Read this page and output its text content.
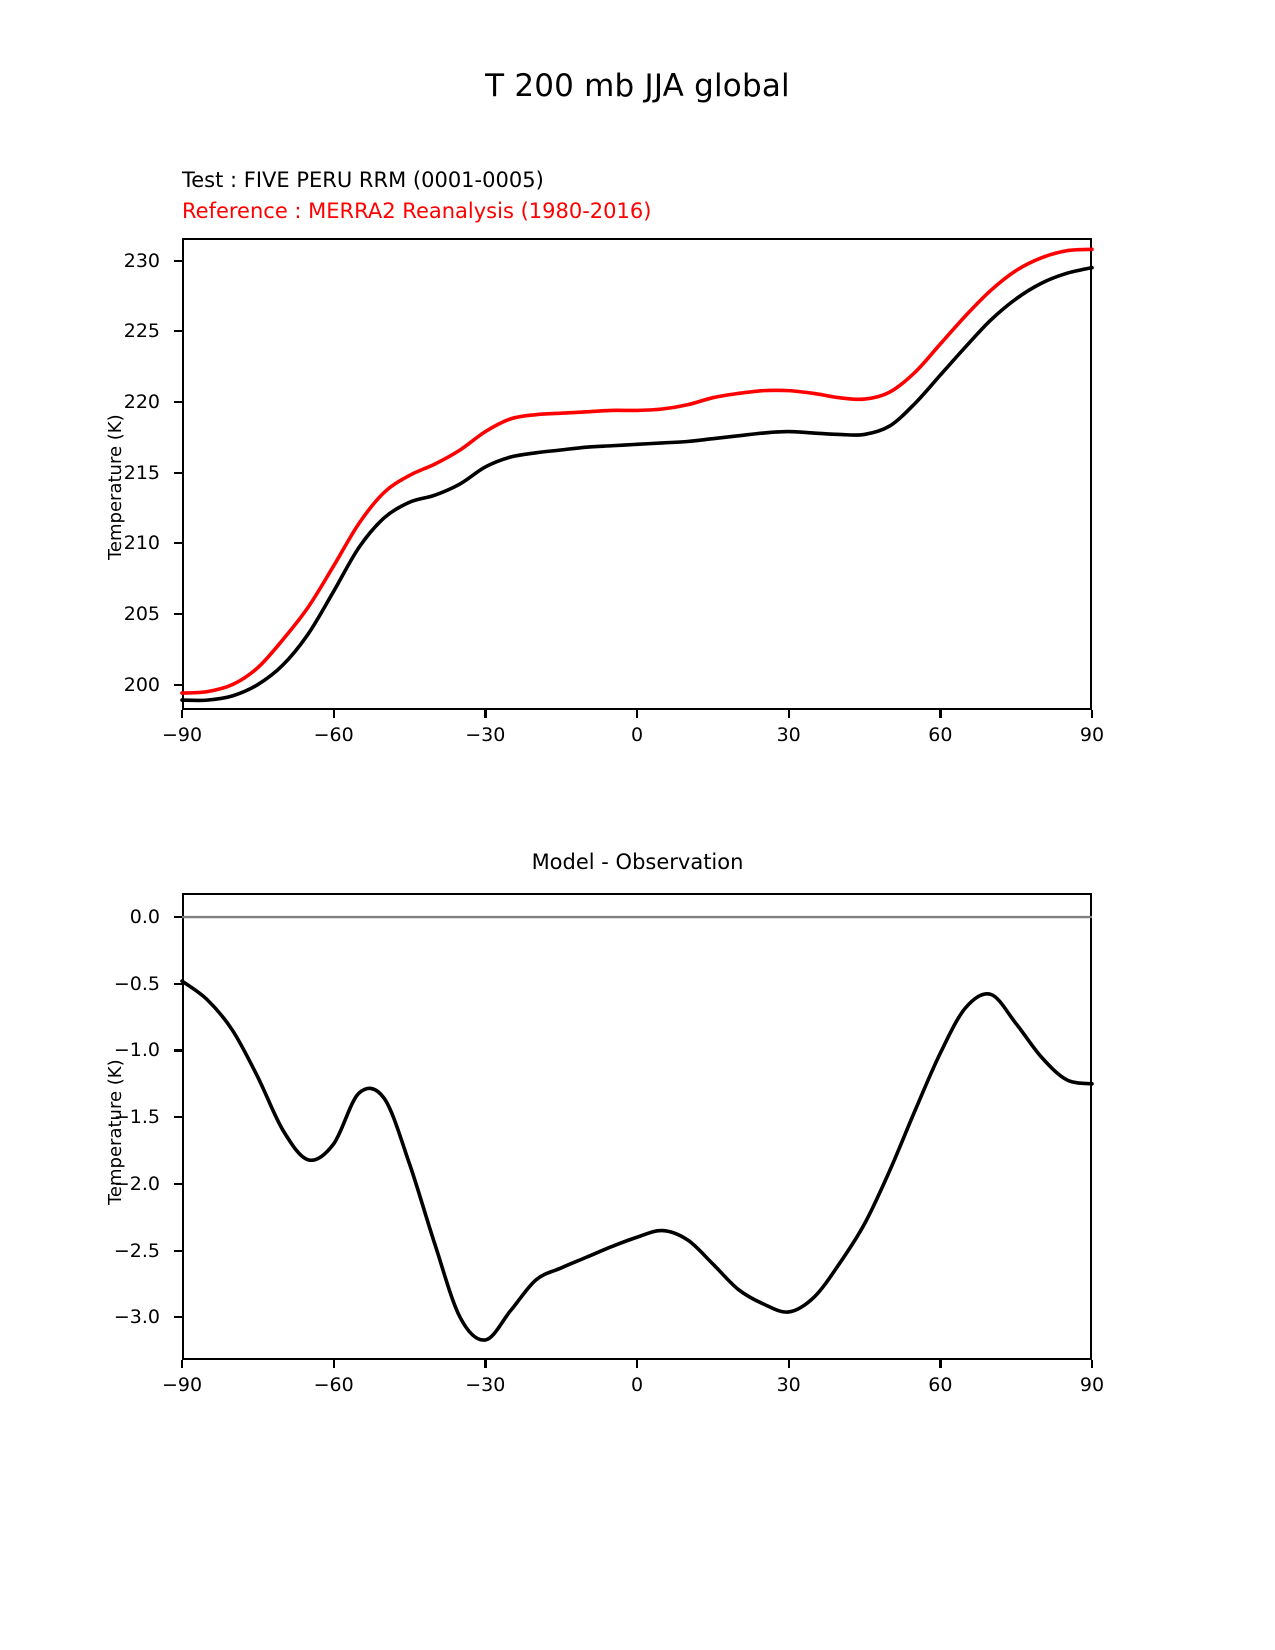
T 200 mb JJA global
Test : FIVE PERU RRM (0001-0005)
Reference : MERRA2 Reanalysis (1980-2016)
Temperature (K)
Model - Observation
Temperature (K)
200
205
210
215
220
225
230
−90	−60	−30	0	30	60	90
0.0
−0.5
−1.0
−1.5
−2.0
−2.5
−3.0
−90	−60	−30	0	30	60	90
